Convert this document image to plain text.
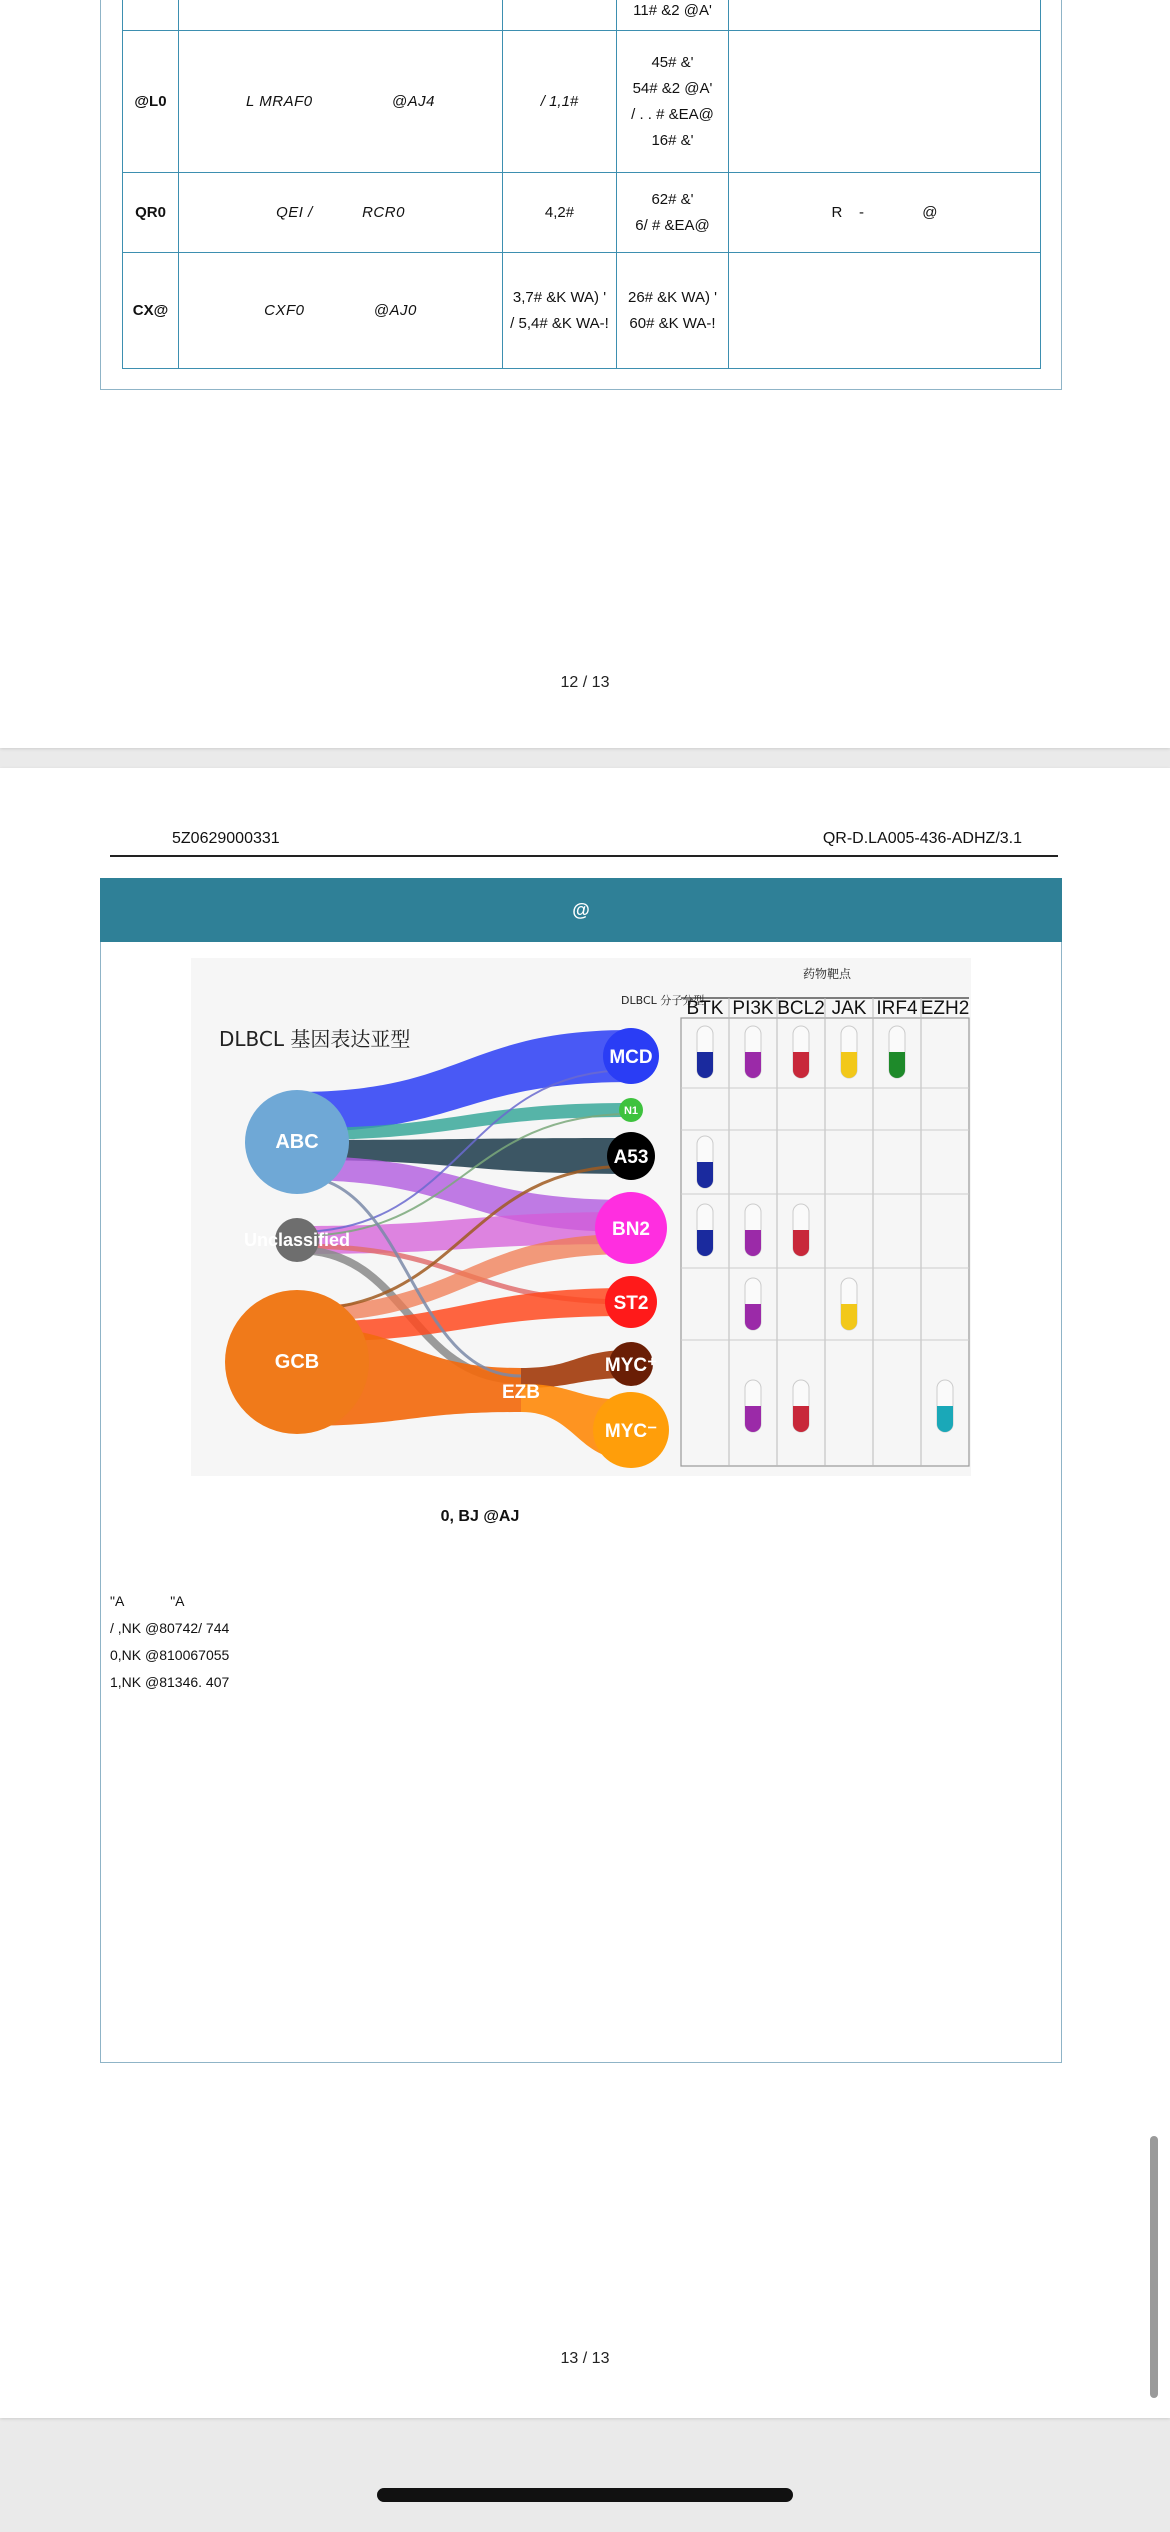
			11# &2 @A'	

@L0	L MRAF0 @AJ4	/ 1,1#	45# &'
54# &2 @A'
/ . . # &EA@
16# &'	

QR0	QEI / RCR0	4,2#	62# &'
6/ # &EA@	R    -              @
CX@	CXF0 @AJ0	3,7# &K WA) '
/ 5,4# &K WA-!	26# &K WA) '
60# &K WA-!	

12 / 13
5Z0629000331	QR-D.LA005-436-ADHZ/3.1
@
ABC
Unclassified
GCB
EZB
MCD
N1
A53
BN2
ST2
MYC⁺
MYC⁻
BTK PI3K BCL2 JAK IRF4 EZH2
DLBCL 基因表达亚型
DLBCL 分子分型
药物靶点
0, BJ @AJ
"A            "A
/ ,NK @80742/ 744
0,NK @810067055
1,NK @81346. 407
13 / 13
